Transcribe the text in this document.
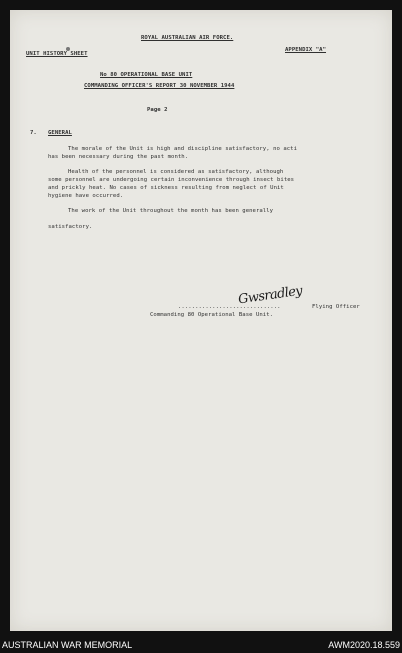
ROYAL AUSTRALIAN AIR FORCE.
UNIT HISTORY SHEET
APPENDIX "A"
No 80 OPERATIONAL BASE UNIT
COMMANDING OFFICER'S REPORT 30 NOVEMBER 1944
Page 2
7. GENERAL
The morale of the Unit is high and discipline satisfactory, no acti
has been necessary during the past month.
Health of the personnel is considered as satisfactory, although
some personnel are undergoing certain inconvenience through insect bites
and prickly heat. No cases of sickness resulting from neglect of Unit
hygiene have occurred.
The work of the Unit throughout the month has been generally
satisfactory.
Gwsradley
..............................	Flying Officer
Commanding 80 Operational Base Unit.
AUSTRALIAN WAR MEMORIAL	AWM2020.18.559
